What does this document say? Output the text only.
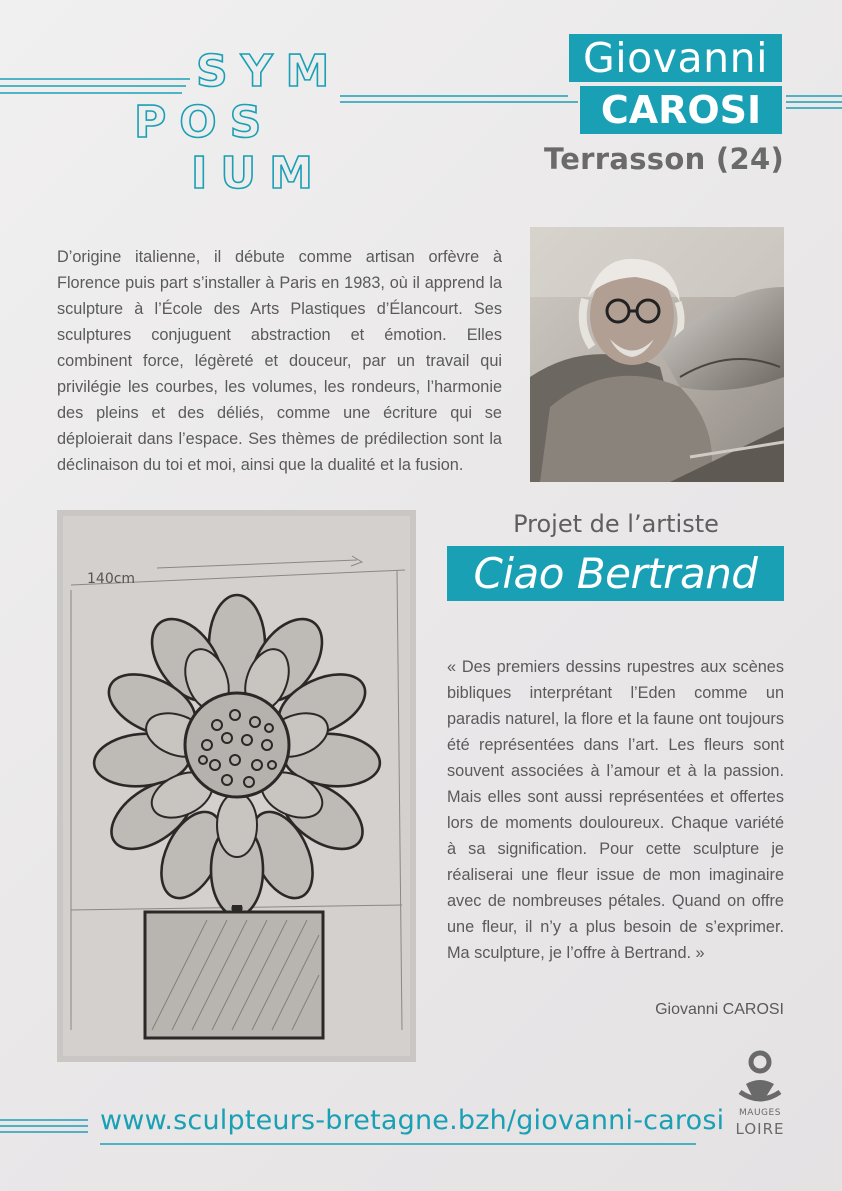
SYM
POS
IUM
Giovanni
CAROSI
Terrasson (24)

D’origine italienne, il débute comme artisan orfèvre à Florence puis part s’installer à Paris en 1983, où il apprend la sculpture à l’École des Arts Plastiques d’Élancourt. Ses sculptures conjuguent abstraction et émotion. Elles combinent force, légèreté et douceur, par un travail qui privilégie les courbes, les volumes, les rondeurs, l’harmonie des pleins et des déliés, comme une écriture qui se déploierait dans l’espace. Ses thèmes de prédilection sont la déclinaison du toi et moi, ainsi que la dualité et la fusion.

140cm
Projet de l’artiste
Ciao Bertrand

« Des premiers dessins rupestres aux scènes bibliques interprétant l’Eden comme un paradis naturel, la flore et la faune ont toujours été représentées dans l’art. Les fleurs sont souvent associées à l’amour et à la passion. Mais elles sont aussi représentées et offertes lors de moments douloureux. Chaque variété à sa signification. Pour cette sculpture je réaliserai une fleur issue de mon imaginaire avec de nombreuses pétales. Quand on offre une fleur, il n’y a plus besoin de s’exprimer. Ma sculpture, je l’offre à Bertrand. »

Giovanni CAROSI
www.sculpteurs-bretagne.bzh/giovanni-carosi	MAUGES
LOIRE
